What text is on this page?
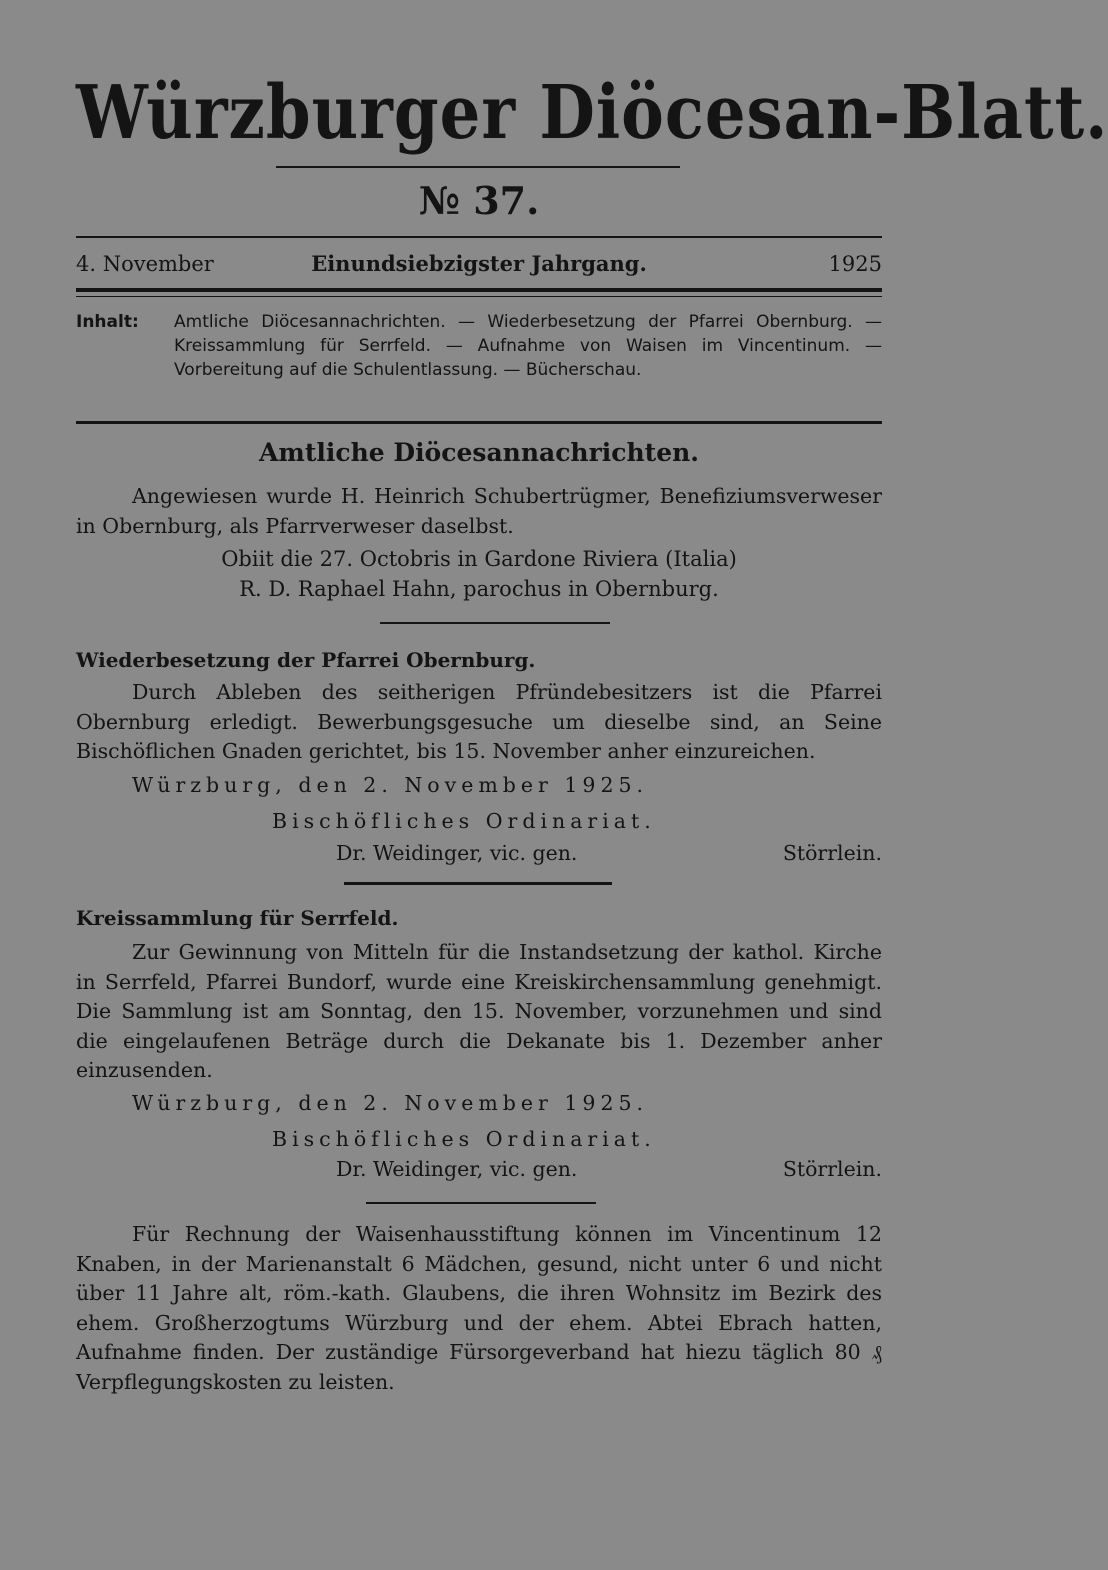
Würzburger Diöcesan-Blatt.
№ 37.
4. November	Einundsiebzigster Jahrgang.	1925
Inhalt: Amtliche Diöcesannachrichten. — Wiederbesetzung der Pfarrei Obernburg. — Kreissammlung für Serrfeld. — Aufnahme von Waisen im Vincentinum. — Vorbereitung auf die Schulentlassung. — Bücherschau.
Amtliche Diöcesannachrichten.
Angewiesen wurde H. Heinrich Schubertrügmer, Benefiziumsverweser in Obernburg, als Pfarrverweser daselbst.
Obiit die 27. Octobris in Gardone Riviera (Italia)
R. D. Raphael Hahn, parochus in Obernburg.
Wiederbesetzung der Pfarrei Obernburg.
Durch Ableben des seitherigen Pfründebesitzers ist die Pfarrei Obernburg erledigt. Bewerbungsgesuche um dieselbe sind, an Seine Bischöflichen Gnaden gerichtet, bis 15. November anher einzureichen.
Würzburg, den 2. November 1925.
Bischöfliches Ordinariat.
Dr. Weidinger, vic. gen.	Störrlein.
Kreissammlung für Serrfeld.
Zur Gewinnung von Mitteln für die Instandsetzung der kathol. Kirche in Serrfeld, Pfarrei Bundorf, wurde eine Kreiskirchensammlung genehmigt. Die Sammlung ist am Sonntag, den 15. November, vorzunehmen und sind die eingelaufenen Beträge durch die Dekanate bis 1. Dezember anher einzusenden.
Würzburg, den 2. November 1925.
Bischöfliches Ordinariat.
Dr. Weidinger, vic. gen.	Störrlein.
Für Rechnung der Waisenhausstiftung können im Vincentinum 12 Knaben, in der Marienanstalt 6 Mädchen, gesund, nicht unter 6 und nicht über 11 Jahre alt, röm.-kath. Glaubens, die ihren Wohnsitz im Bezirk des ehem. Großherzogtums Würzburg und der ehem. Abtei Ebrach hatten, Aufnahme finden. Der zuständige Fürsorgeverband hat hiezu täglich 80 ₰ Verpflegungskosten zu leisten.
